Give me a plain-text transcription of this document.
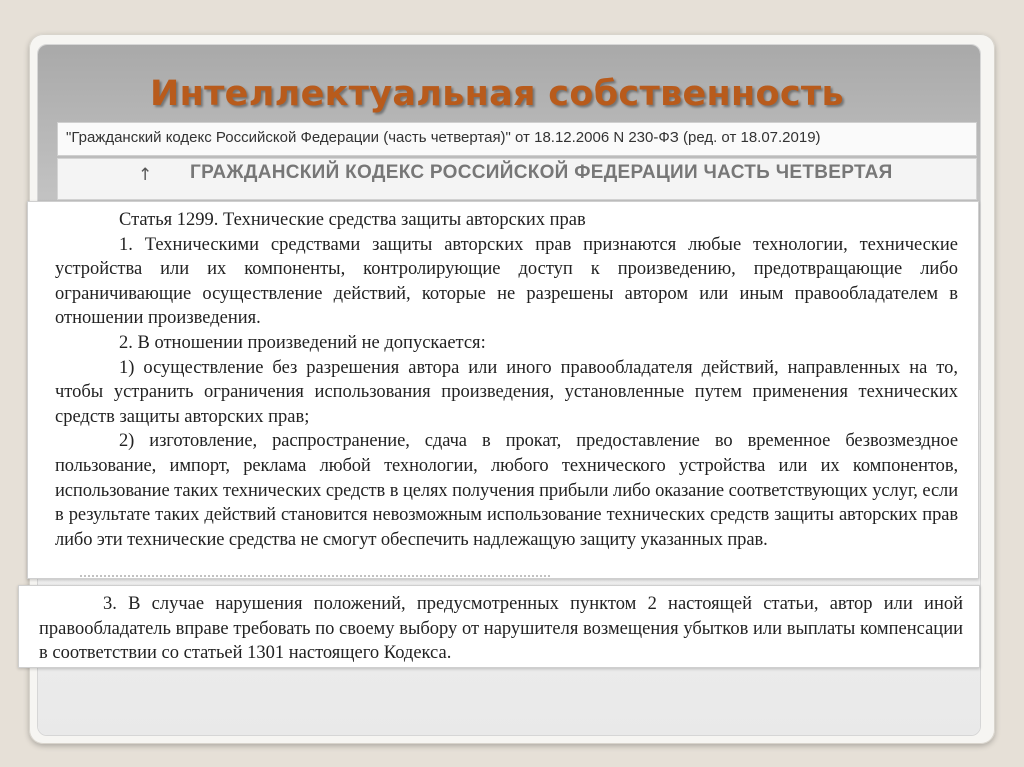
Интеллектуальная собственность
"Гражданский кодекс Российской Федерации (часть четвертая)" от 18.12.2006 N 230-ФЗ (ред. от 18.07.2019)
↑ ГРАЖДАНСКИЙ КОДЕКС РОССИЙСКОЙ ФЕДЕРАЦИИ ЧАСТЬ ЧЕТВЕРТАЯ

Статья 1299. Технические средства защиты авторских прав

1. Техническими средствами защиты авторских прав признаются любые технологии, технические устройства или их компоненты, контролирующие доступ к произведению, предотвращающие либо ограничивающие осуществление действий, которые не разрешены автором или иным правообладателем в отношении произведения.

2. В отношении произведений не допускается:

1) осуществление без разрешения автора или иного правообладателя действий, направленных на то, чтобы устранить ограничения использования произведения, установленные путем применения технических средств защиты авторских прав;

2) изготовление, распространение, сдача в прокат, предоставление во временное безвозмездное пользование, импорт, реклама любой технологии, любого технического устройства или их компонентов, использование таких технических средств в целях получения прибыли либо оказание соответствующих услуг, если в результате таких действий становится невозможным использование технических средств защиты авторских прав либо эти технические средства не смогут обеспечить надлежащую защиту указанных прав.

3. В случае нарушения положений, предусмотренных пунктом 2 настоящей статьи, автор или иной правообладатель вправе требовать по своему выбору от нарушителя возмещения убытков или выплаты компенсации в соответствии со статьей 1301 настоящего Кодекса.
